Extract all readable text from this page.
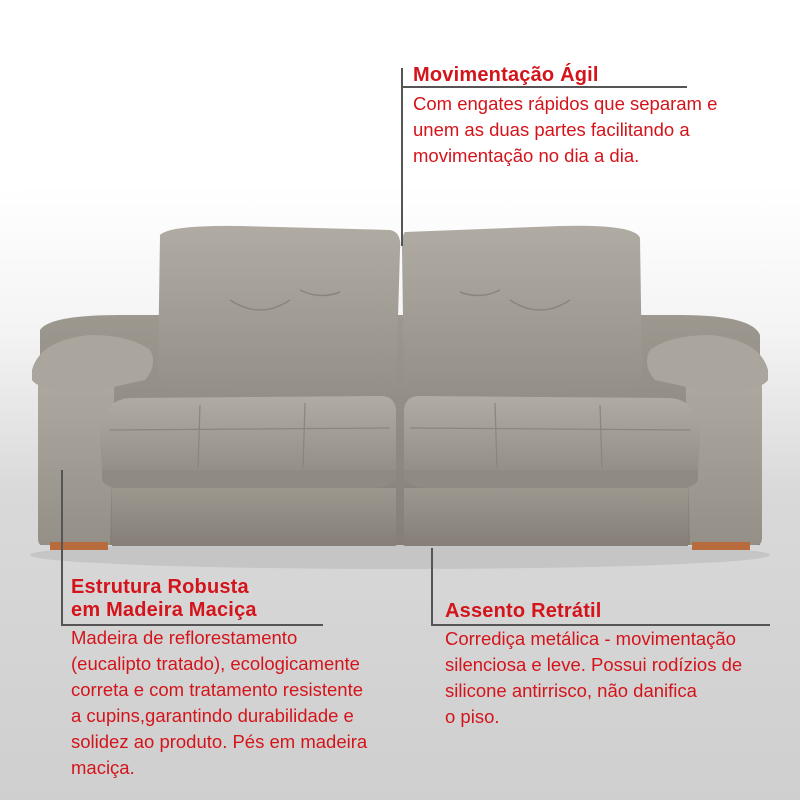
Movimentação Ágil
Com engates rápidos que separam e
unem as duas partes facilitando a
movimentação no dia a dia.
Estrutura Robusta
em Madeira Maciça
Madeira de reflorestamento
(eucalipto tratado), ecologicamente
correta e com tratamento resistente
a cupins,garantindo durabilidade e
solidez ao produto. Pés em madeira
maciça.
Assento Retrátil
Corrediça metálica - movimentação
silenciosa e leve. Possui rodízios de
silicone antirrisco, não danifica
o piso.
